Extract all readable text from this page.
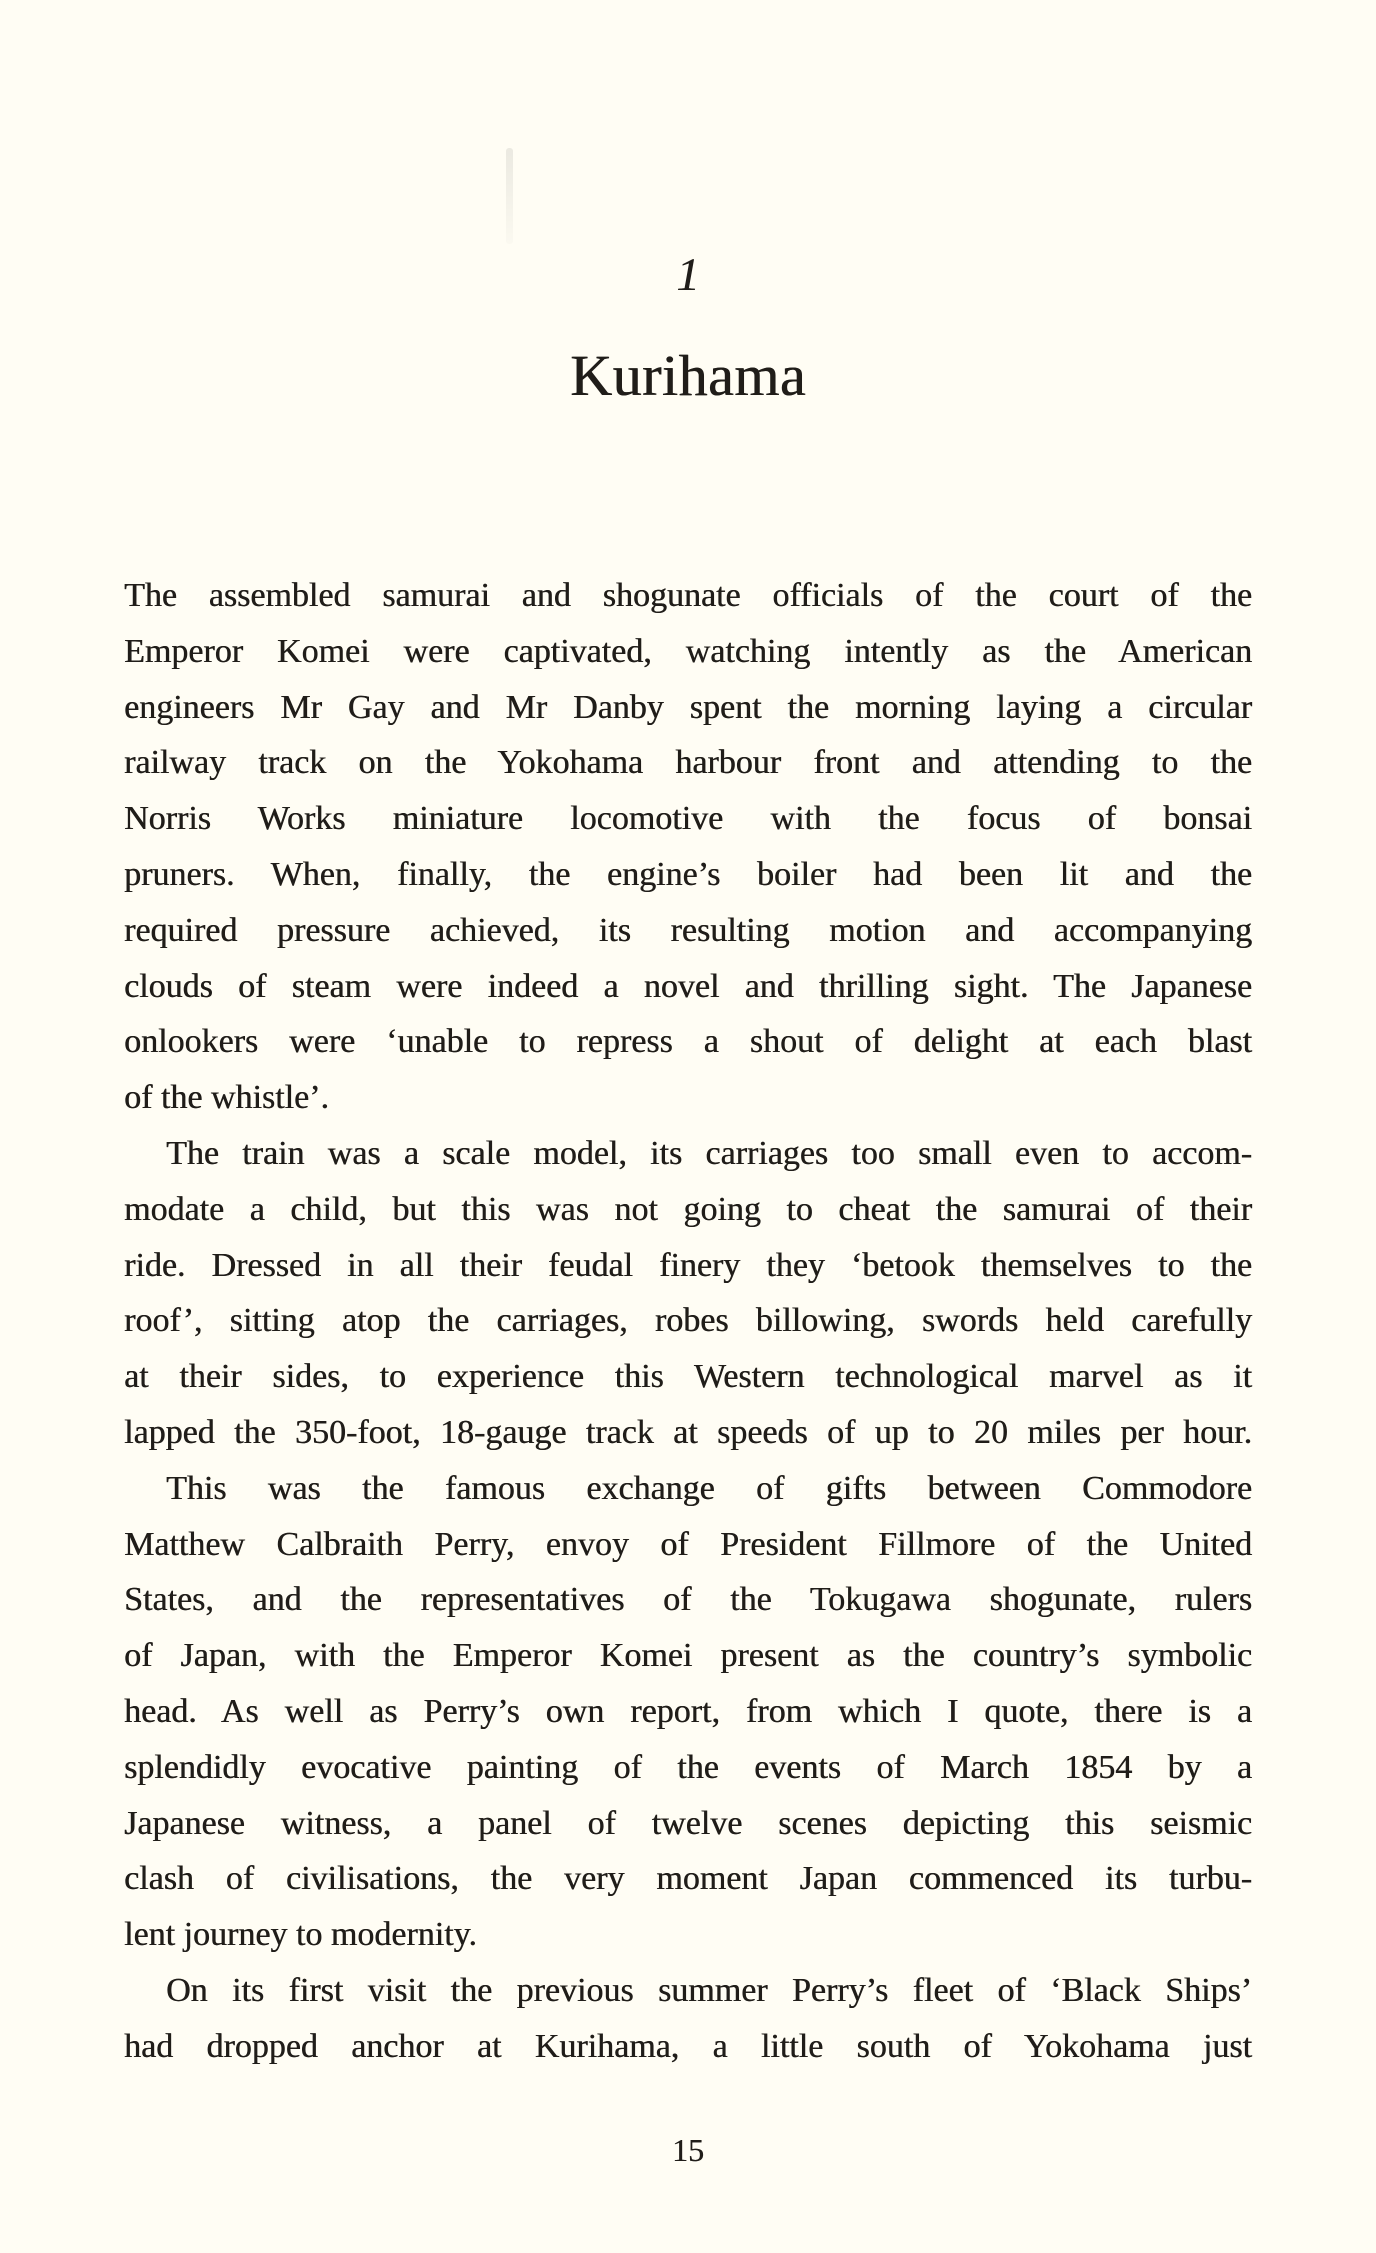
1
Kurihama
The assembled samurai and shogunate officials of the court of the
Emperor Komei were captivated, watching intently as the American
engineers Mr Gay and Mr Danby spent the morning laying a circular
railway track on the Yokohama harbour front and attending to the
Norris Works miniature locomotive with the focus of bonsai
pruners. When, finally, the engine’s boiler had been lit and the
required pressure achieved, its resulting motion and accompanying
clouds of steam were indeed a novel and thrilling sight. The Japanese
onlookers were ‘unable to repress a shout of delight at each blast
of the whistle’.
The train was a scale model, its carriages too small even to accom-
modate a child, but this was not going to cheat the samurai of their
ride. Dressed in all their feudal finery they ‘betook themselves to the
roof’, sitting atop the carriages, robes billowing, swords held carefully
at their sides, to experience this Western technological marvel as it
lapped the 350-foot, 18-gauge track at speeds of up to 20 miles per hour.
This was the famous exchange of gifts between Commodore
Matthew Calbraith Perry, envoy of President Fillmore of the United
States, and the representatives of the Tokugawa shogunate, rulers
of Japan, with the Emperor Komei present as the country’s symbolic
head. As well as Perry’s own report, from which I quote, there is a
splendidly evocative painting of the events of March 1854 by a
Japanese witness, a panel of twelve scenes depicting this seismic
clash of civilisations, the very moment Japan commenced its turbu-
lent journey to modernity.
On its first visit the previous summer Perry’s fleet of ‘Black Ships’
had dropped anchor at Kurihama, a little south of Yokohama just
15
